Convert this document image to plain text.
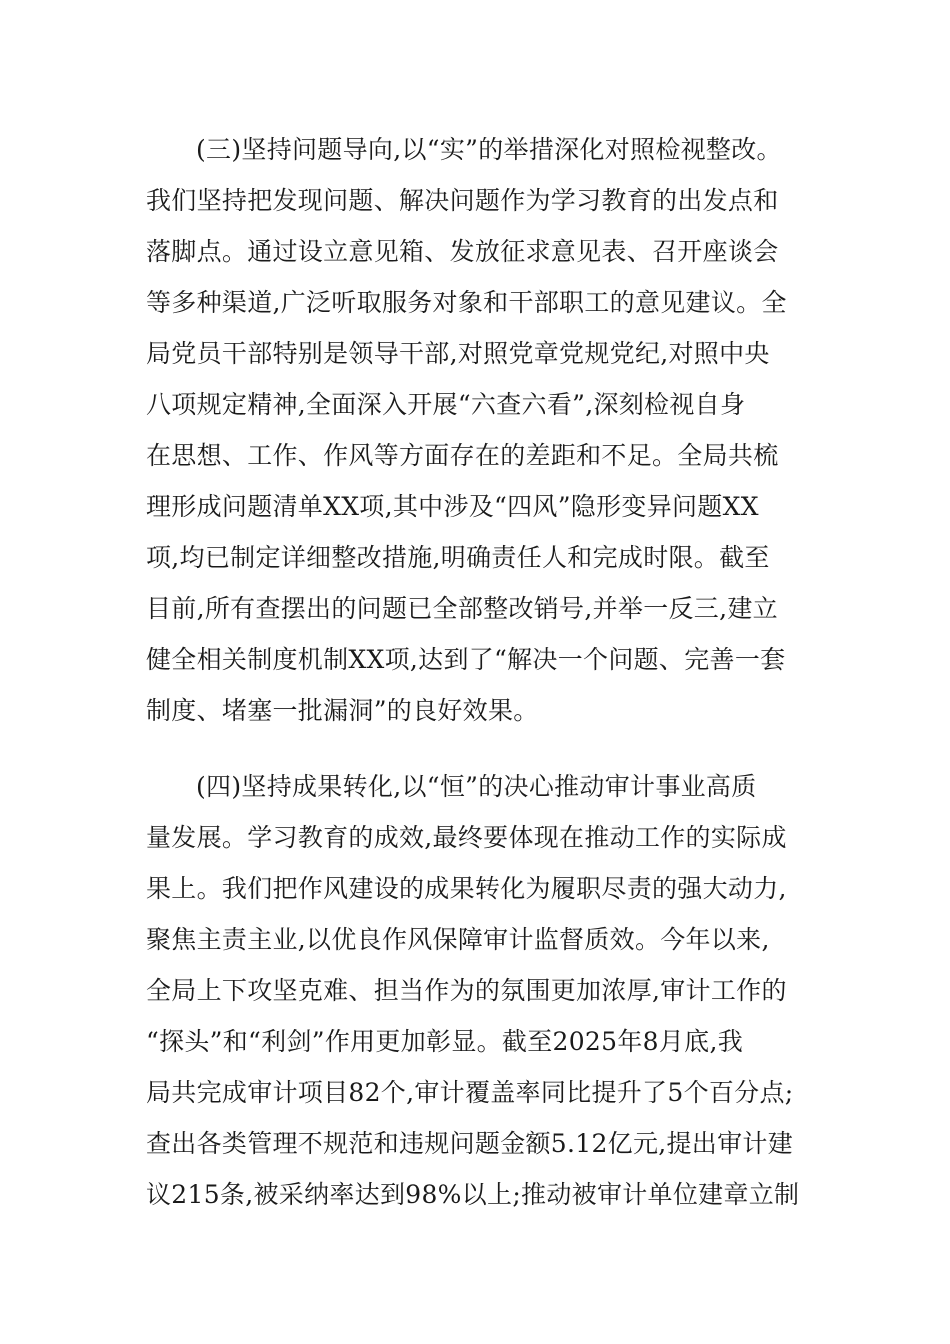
(三)坚持问题导向,以“实”的举措深化对照检视整改。

我们坚持把发现问题、解决问题作为学习教育的出发点和

落脚点。通过设立意见箱、发放征求意见表、召开座谈会

等多种渠道,广泛听取服务对象和干部职工的意见建议。全

局党员干部特别是领导干部,对照党章党规党纪,对照中央

八项规定精神,全面深入开展“六查六看”,深刻检视自身

在思想、工作、作风等方面存在的差距和不足。全局共梳

理形成问题清单XX项,其中涉及“四风”隐形变异问题XX

项,均已制定详细整改措施,明确责任人和完成时限。截至

目前,所有查摆出的问题已全部整改销号,并举一反三,建立

健全相关制度机制XX项,达到了“解决一个问题、完善一套

制度、堵塞一批漏洞”的良好效果。

(四)坚持成果转化,以“恒”的决心推动审计事业高质

量发展。学习教育的成效,最终要体现在推动工作的实际成

果上。我们把作风建设的成果转化为履职尽责的强大动力,

聚焦主责主业,以优良作风保障审计监督质效。今年以来,

全局上下攻坚克难、担当作为的氛围更加浓厚,审计工作的

“探头”和“利剑”作用更加彰显。截至2025年8月底,我

局共完成审计项目82个,审计覆盖率同比提升了5个百分点;

查出各类管理不规范和违规问题金额5.12亿元,提出审计建

议215条,被采纳率达到98%以上;推动被审计单位建章立制
